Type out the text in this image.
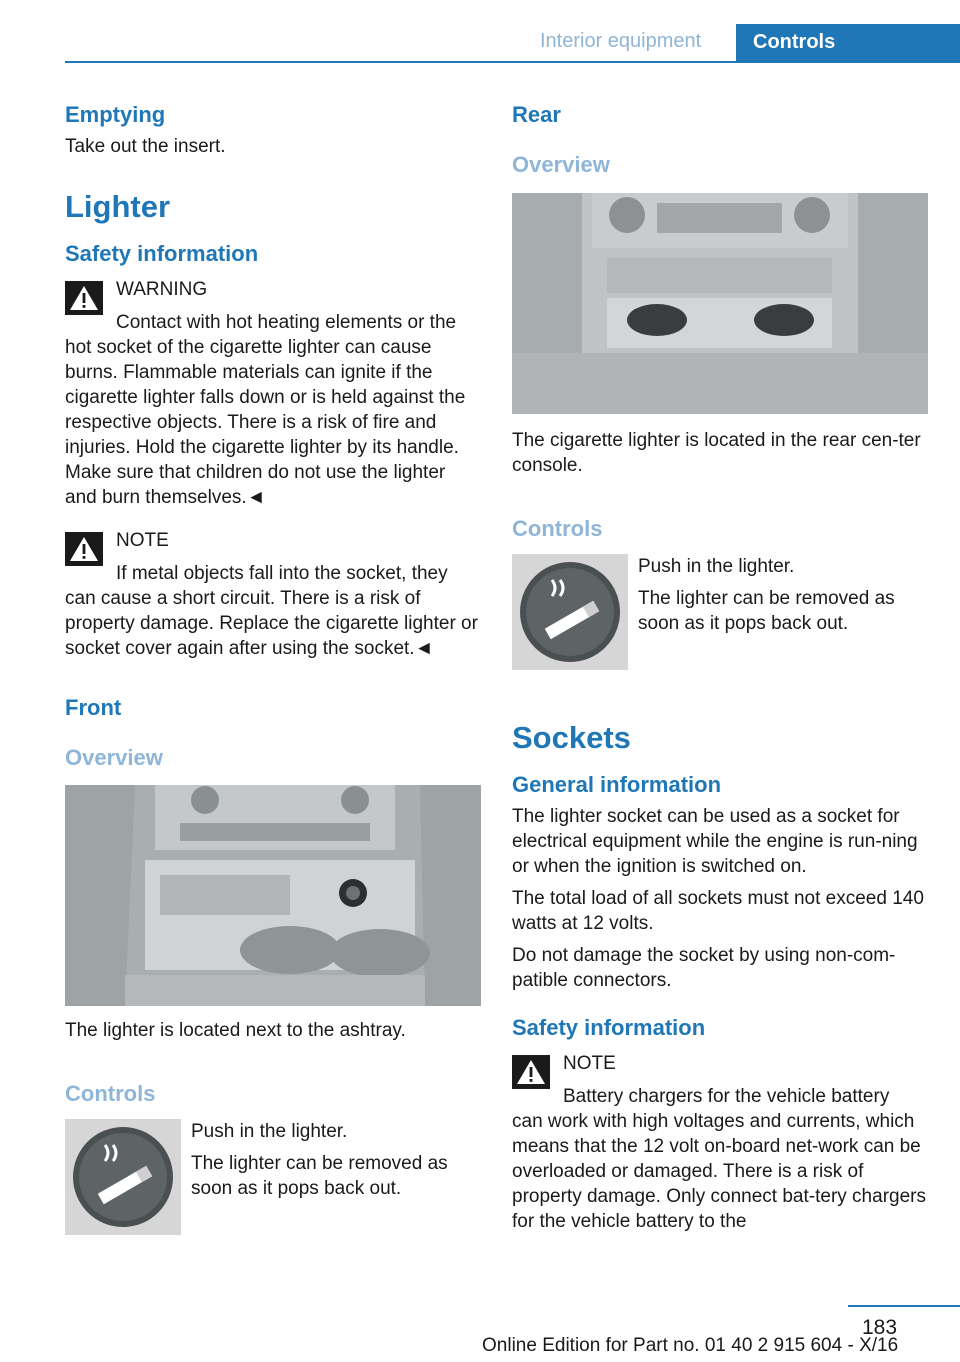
Interior equipment	Controls
Emptying
Take out the insert.
Lighter
Safety information
WARNING
Contact with hot heating elements or the
hot socket of the cigarette lighter can cause burns. Flammable materials can ignite if the cigarette lighter falls down or is held against the respective objects. There is a risk of fire and injuries. Hold the cigarette lighter by its handle. Make sure that children do not use the lighter and burn themselves.◄
NOTE
If metal objects fall into the socket, they
can cause a short circuit. There is a risk of property damage. Replace the cigarette lighter or socket cover again after using the socket.◄
Front
Overview
The lighter is located next to the ashtray.
Controls
Push in the lighter.
The lighter can be removed as soon as it pops back out.
Rear
Overview
The cigarette lighter is located in the rear cen‐ter console.
Controls
Push in the lighter.
The lighter can be removed as soon as it pops back out.
Sockets
General information
The lighter socket can be used as a socket for electrical equipment while the engine is run‐ning or when the ignition is switched on.
The total load of all sockets must not exceed 140 watts at 12 volts.
Do not damage the socket by using non-com‐patible connectors.
Safety information
NOTE
Battery chargers for the vehicle battery
can work with high voltages and currents, which means that the 12 volt on-board net‐work can be overloaded or damaged. There is a risk of property damage. Only connect bat‐tery chargers for the vehicle battery to the
183
Online Edition for Part no. 01 40 2 915 604 - X/16
